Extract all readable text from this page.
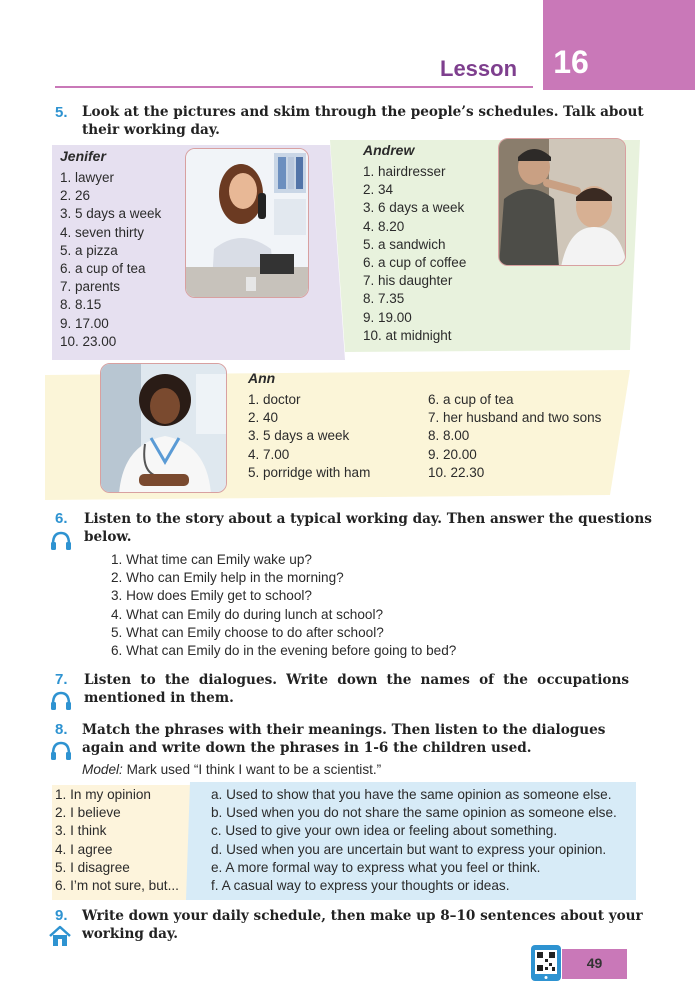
16
Lesson
5. Look at the pictures and skim through the people’s schedules. Talk about
their working day.
Jenifer
1. lawyer
2. 26
3. 5 days a week
4. seven thirty
5. a pizza
6. a cup of tea
7. parents
8. 8.15
9. 17.00
10. 23.00
Andrew
1. hairdresser
2. 34
3. 6 days a week
4. 8.20
5. a sandwich
6. a cup of coffee
7. his daughter
8. 7.35
9. 19.00
10. at midnight
Ann
1. doctor
2. 40
3. 5 days a week
4. 7.00
5. porridge with ham
6. a cup of tea
7. her husband and two sons
8. 8.00
9. 20.00
10. 22.30
6. Listen to the story about a typical working day. Then answer the questions
below.
1. What time can Emily wake up?
2. Who can Emily help in the morning?
3. How does Emily get to school?
4. What can Emily do during lunch at school?
5. What can Emily choose to do after school?
6. What can Emily do in the evening before going to bed?
7. Listen to the dialogues. Write down the names of the occupations
mentioned in them.
8. Match the phrases with their meanings. Then listen to the dialogues
again and write down the phrases in 1-6 the children used.
Model: Mark used “I think I want to be a scientist.”
1. In my opinion
2. I believe
3. I think
4. I agree
5. I disagree
6. I’m not sure, but...
a. Used to show that you have the same opinion as someone else.
b. Used when you do not share the same opinion as someone else.
c. Used to give your own idea or feeling about something.
d. Used when you are uncertain but want to express your opinion.
e. A more formal way to express what you feel or think.
f. A casual way to express your thoughts or ideas.
9. Write down your daily schedule, then make up 8–10 sentences about your
working day.
49
